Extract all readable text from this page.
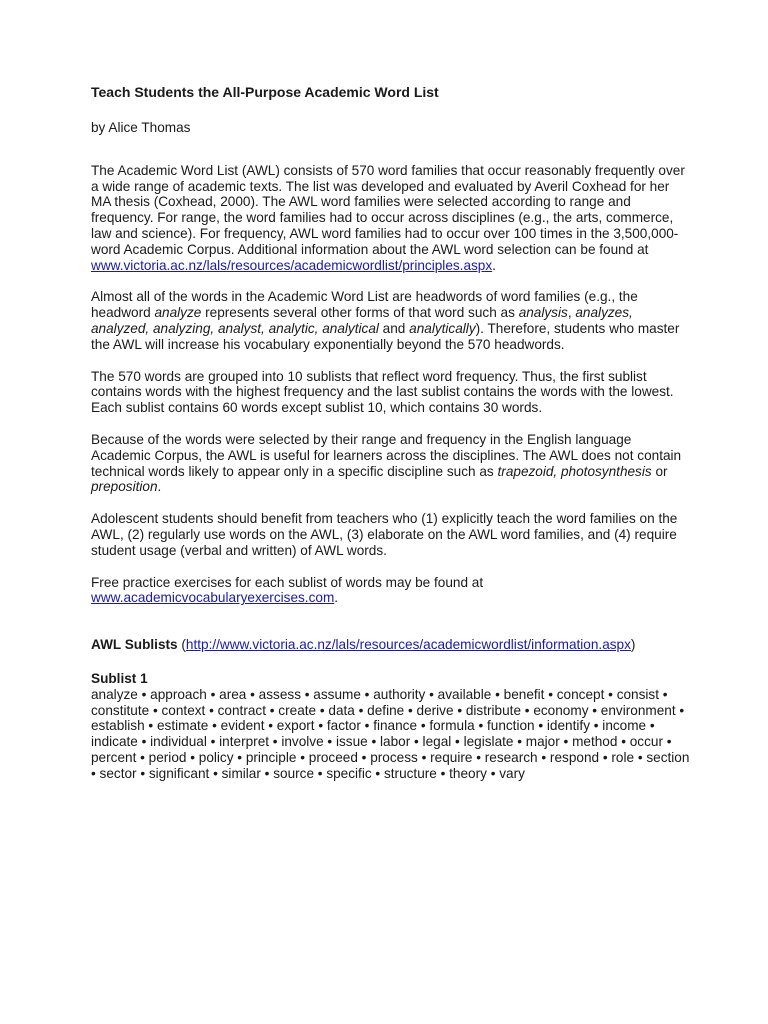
Teach Students the All-Purpose Academic Word List

by Alice Thomas

The Academic Word List (AWL) consists of 570 word families that occur reasonably frequently over a wide range of academic texts. The list was developed and evaluated by Averil Coxhead for her MA thesis (Coxhead, 2000). The AWL word families were selected according to range and frequency. For range, the word families had to occur across disciplines (e.g., the arts, commerce, law and science). For frequency, AWL word families had to occur over 100 times in the 3,500,000-word Academic Corpus. Additional information about the AWL word selection can be found at www.victoria.ac.nz/lals/resources/academicwordlist/principles.aspx.

Almost all of the words in the Academic Word List are headwords of word families (e.g., the headword analyze represents several other forms of that word such as analysis, analyzes, analyzed, analyzing, analyst, analytic, analytical and analytically). Therefore, students who master the AWL will increase his vocabulary exponentially beyond the 570 headwords.

The 570 words are grouped into 10 sublists that reflect word frequency. Thus, the first sublist contains words with the highest frequency and the last sublist contains the words with the lowest. Each sublist contains 60 words except sublist 10, which contains 30 words.

Because of the words were selected by their range and frequency in the English language Academic Corpus, the AWL is useful for learners across the disciplines. The AWL does not contain technical words likely to appear only in a specific discipline such as trapezoid, photosynthesis or preposition.

Adolescent students should benefit from teachers who (1) explicitly teach the word families on the AWL, (2) regularly use words on the AWL, (3) elaborate on the AWL word families, and (4) require student usage (verbal and written) of AWL words.

Free practice exercises for each sublist of words may be found at
www.academicvocabularyexercises.com.

AWL Sublists (http://www.victoria.ac.nz/lals/resources/academicwordlist/information.aspx)

Sublist 1

analyze • approach • area • assess • assume • authority • available • benefit • concept • consist • constitute • context • contract • create • data • define • derive • distribute • economy • environment • establish • estimate • evident • export • factor • finance • formula • function • identify • income • indicate • individual • interpret • involve • issue • labor • legal • legislate • major • method • occur • percent • period • policy • principle • proceed • process • require • research • respond • role • section • sector • significant • similar • source • specific • structure • theory • vary
